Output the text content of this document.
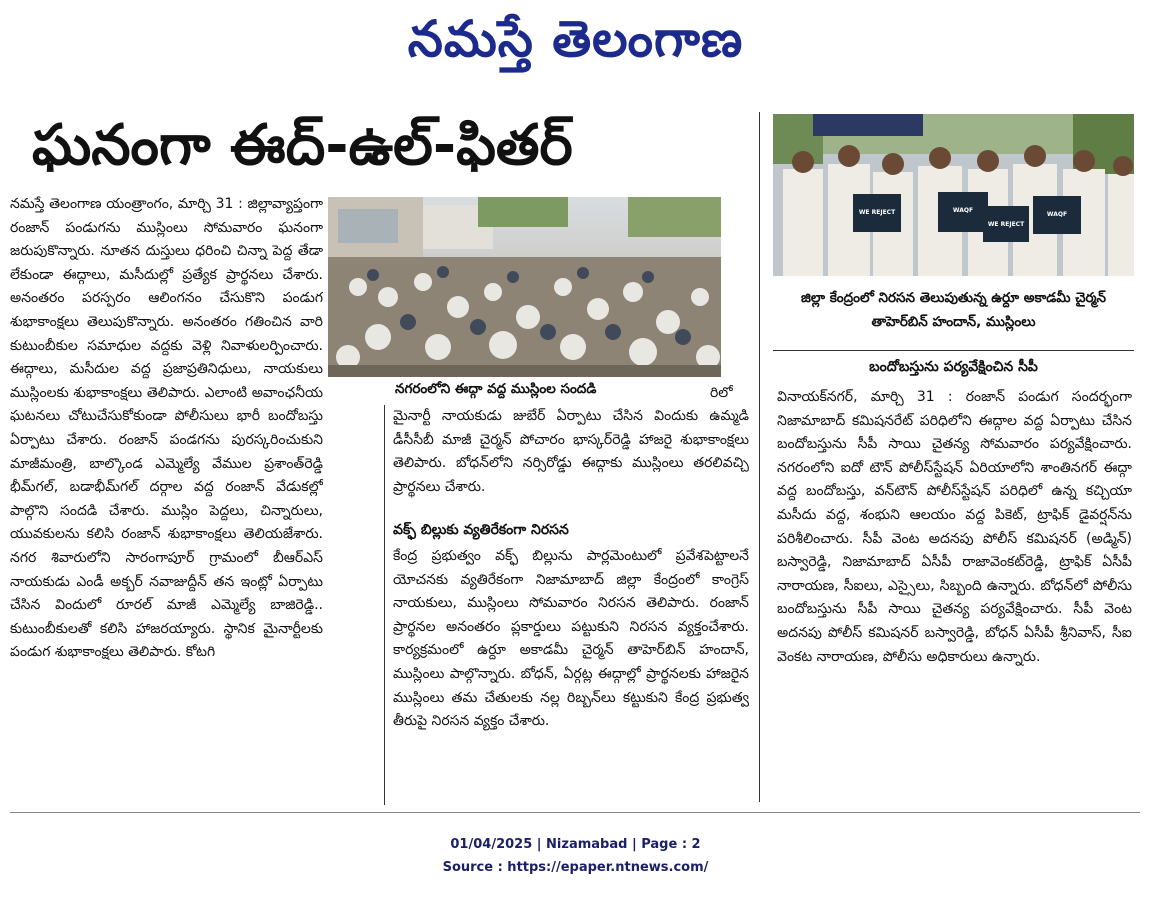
నమస్తే తెలంగాణ
ఘనంగా ఈద్-ఉల్-ఫితర్

నమస్తే తెలంగాణ యంత్రాంగం, మార్చి 31 : జిల్లావ్యాప్తంగా రంజాన్ పండుగను ముస్లింలు సోమవారం ఘనంగా జరుపుకొన్నారు. నూతన దుస్తులు ధరించి చిన్నా పెద్ద తేడా లేకుండా ఈద్గాలు, మసీదుల్లో ప్రత్యేక ప్రార్థనలు చేశారు. అనంతరం పరస్పరం ఆలింగనం చేసుకొని పండుగ శుభాకాంక్షలు తెలుపుకొన్నారు. అనంతరం గతించిన వారి కుటుంబీకుల సమాధుల వద్దకు వెళ్లి నివాళులర్పించారు. ఈద్గాలు, మసీదుల వద్ద ప్రజాప్రతినిధులు, నాయకులు ముస్లింలకు శుభాకాంక్షలు తెలిపారు. ఎలాంటి అవాంఛనీయ ఘటనలు చోటుచేసుకోకుండా పోలీసులు భారీ బందోబస్తు ఏర్పాటు చేశారు. రంజాన్ పండగను పురస్కరించుకుని మాజీమంత్రి, బాల్కొండ ఎమ్మెల్యే వేముల ప్రశాంత్‌రెడ్డి భీమ్‌గల్, బడాభీమ్‌గల్ దర్గాల వద్ద రంజాన్ వేడుకల్లో పాల్గొని సందడి చేశారు. ముస్లిం పెద్దలు, చిన్నారులు, యువకులను కలిసి రంజాన్ శుభాకాంక్షలు తెలియజేశారు. నగర శివారులోని సారంగాపూర్ గ్రామంలో బీఆర్ఎస్ నాయకుడు ఎండీ అక్బర్ నవాజుద్దీన్ తన ఇంట్లో ఏర్పాటు చేసిన విందులో రూరల్ మాజీ ఎమ్మెల్యే బాజిరెడ్డి.. కుటుంబీకులతో కలిసి హాజరయ్యారు. స్థానిక మైనార్టీలకు పండుగ శుభాకాంక్షలు తెలిపారు. కోటగి

నగరంలోని ఈద్గా వద్ద ముస్లింల సందడి	రిలో

మైనార్టీ నాయకుడు జుబేర్ ఏర్పాటు చేసిన విందుకు ఉమ్మడి డీసీసీబీ మాజీ చైర్మన్ పోచారం భాస్కర్‌రెడ్డి హాజరై శుభాకాంక్షలు తెలిపారు. బోధన్‌లోని నర్సిరోడ్డు ఈద్గాకు ముస్లింలు తరలివచ్చి ప్రార్థనలు చేశారు.

వక్ఫ్ బిల్లుకు వ్యతిరేకంగా నిరసన

కేంద్ర ప్రభుత్వం వక్ఫ్ బిల్లును పార్లమెంటులో ప్రవేశపెట్టాలనే యోచనకు వ్యతిరేకంగా నిజామాబాద్ జిల్లా కేంద్రంలో కాంగ్రెస్ నాయకులు, ముస్లింలు సోమవారం నిరసన తెలిపారు. రంజాన్ ప్రార్థనల అనంతరం ప్లకార్డులు పట్టుకుని నిరసన వ్యక్తంచేశారు. కార్యక్రమంలో ఉర్దూ అకాడమీ చైర్మన్ తాహెర్‌బిన్ హందాన్, ముస్లింలు పాల్గొన్నారు. బోధన్, ఏర్గట్ల ఈద్గాల్లో ప్రార్థనలకు హాజరైన ముస్లింలు తమ చేతులకు నల్ల రిబ్బన్‌లు కట్టుకుని కేంద్ర ప్రభుత్వ తీరుపై నిరసన వ్యక్తం చేశారు.

WE REJECT	WAQF
WE REJECT
WAQF
జిల్లా కేంద్రంలో నిరసన తెలుపుతున్న ఉర్దూ అకాడమీ చైర్మన్ తాహెర్‌బిన్ హందాన్, ముస్లింలు
బందోబస్తును పర్యవేక్షించిన సీపీ

వినాయక్‌నగర్, మార్చి 31 : రంజాన్ పండుగ సందర్భంగా నిజామాబాద్ కమిషనరేట్ పరిధిలోని ఈద్గాల వద్ద ఏర్పాటు చేసిన బందోబస్తును సీపీ సాయి చైతన్య సోమవారం పర్యవేక్షించారు. నగరంలోని ఐదో టౌన్ పోలీస్‌స్టేషన్ ఏరియాలోని శాంతినగర్ ఈద్గా వద్ద బందోబస్తు, వన్‌టౌన్ పోలీస్‌స్టేషన్ పరిధిలో ఉన్న కచ్చియా మసీదు వద్ద, శంభుని ఆలయం వద్ద పికెట్, ట్రాఫిక్ డైవర్షన్‌ను పరిశీలించారు. సీపీ వెంట అదనపు పోలీస్ కమిషనర్ (అడ్మిన్) బస్వారెడ్డి, నిజామాబాద్ ఏసీపీ రాజావెంకట్‌రెడ్డి, ట్రాఫిక్ ఏసీపీ నారాయణ, సీఐలు, ఎస్సైలు, సిబ్బంది ఉన్నారు. బోధన్‌లో పోలీసు బందోబస్తును సీపీ సాయి చైతన్య పర్యవేక్షించారు. సీపీ వెంట అదనపు పోలీస్ కమిషనర్ బస్వారెడ్డి, బోధన్ ఏసీపీ శ్రీనివాస్, సీఐ వెంకట నారాయణ, పోలీసు అధికారులు ఉన్నారు.

01/04/2025 | Nizamabad | Page : 2
Source : https://epaper.ntnews.com/
